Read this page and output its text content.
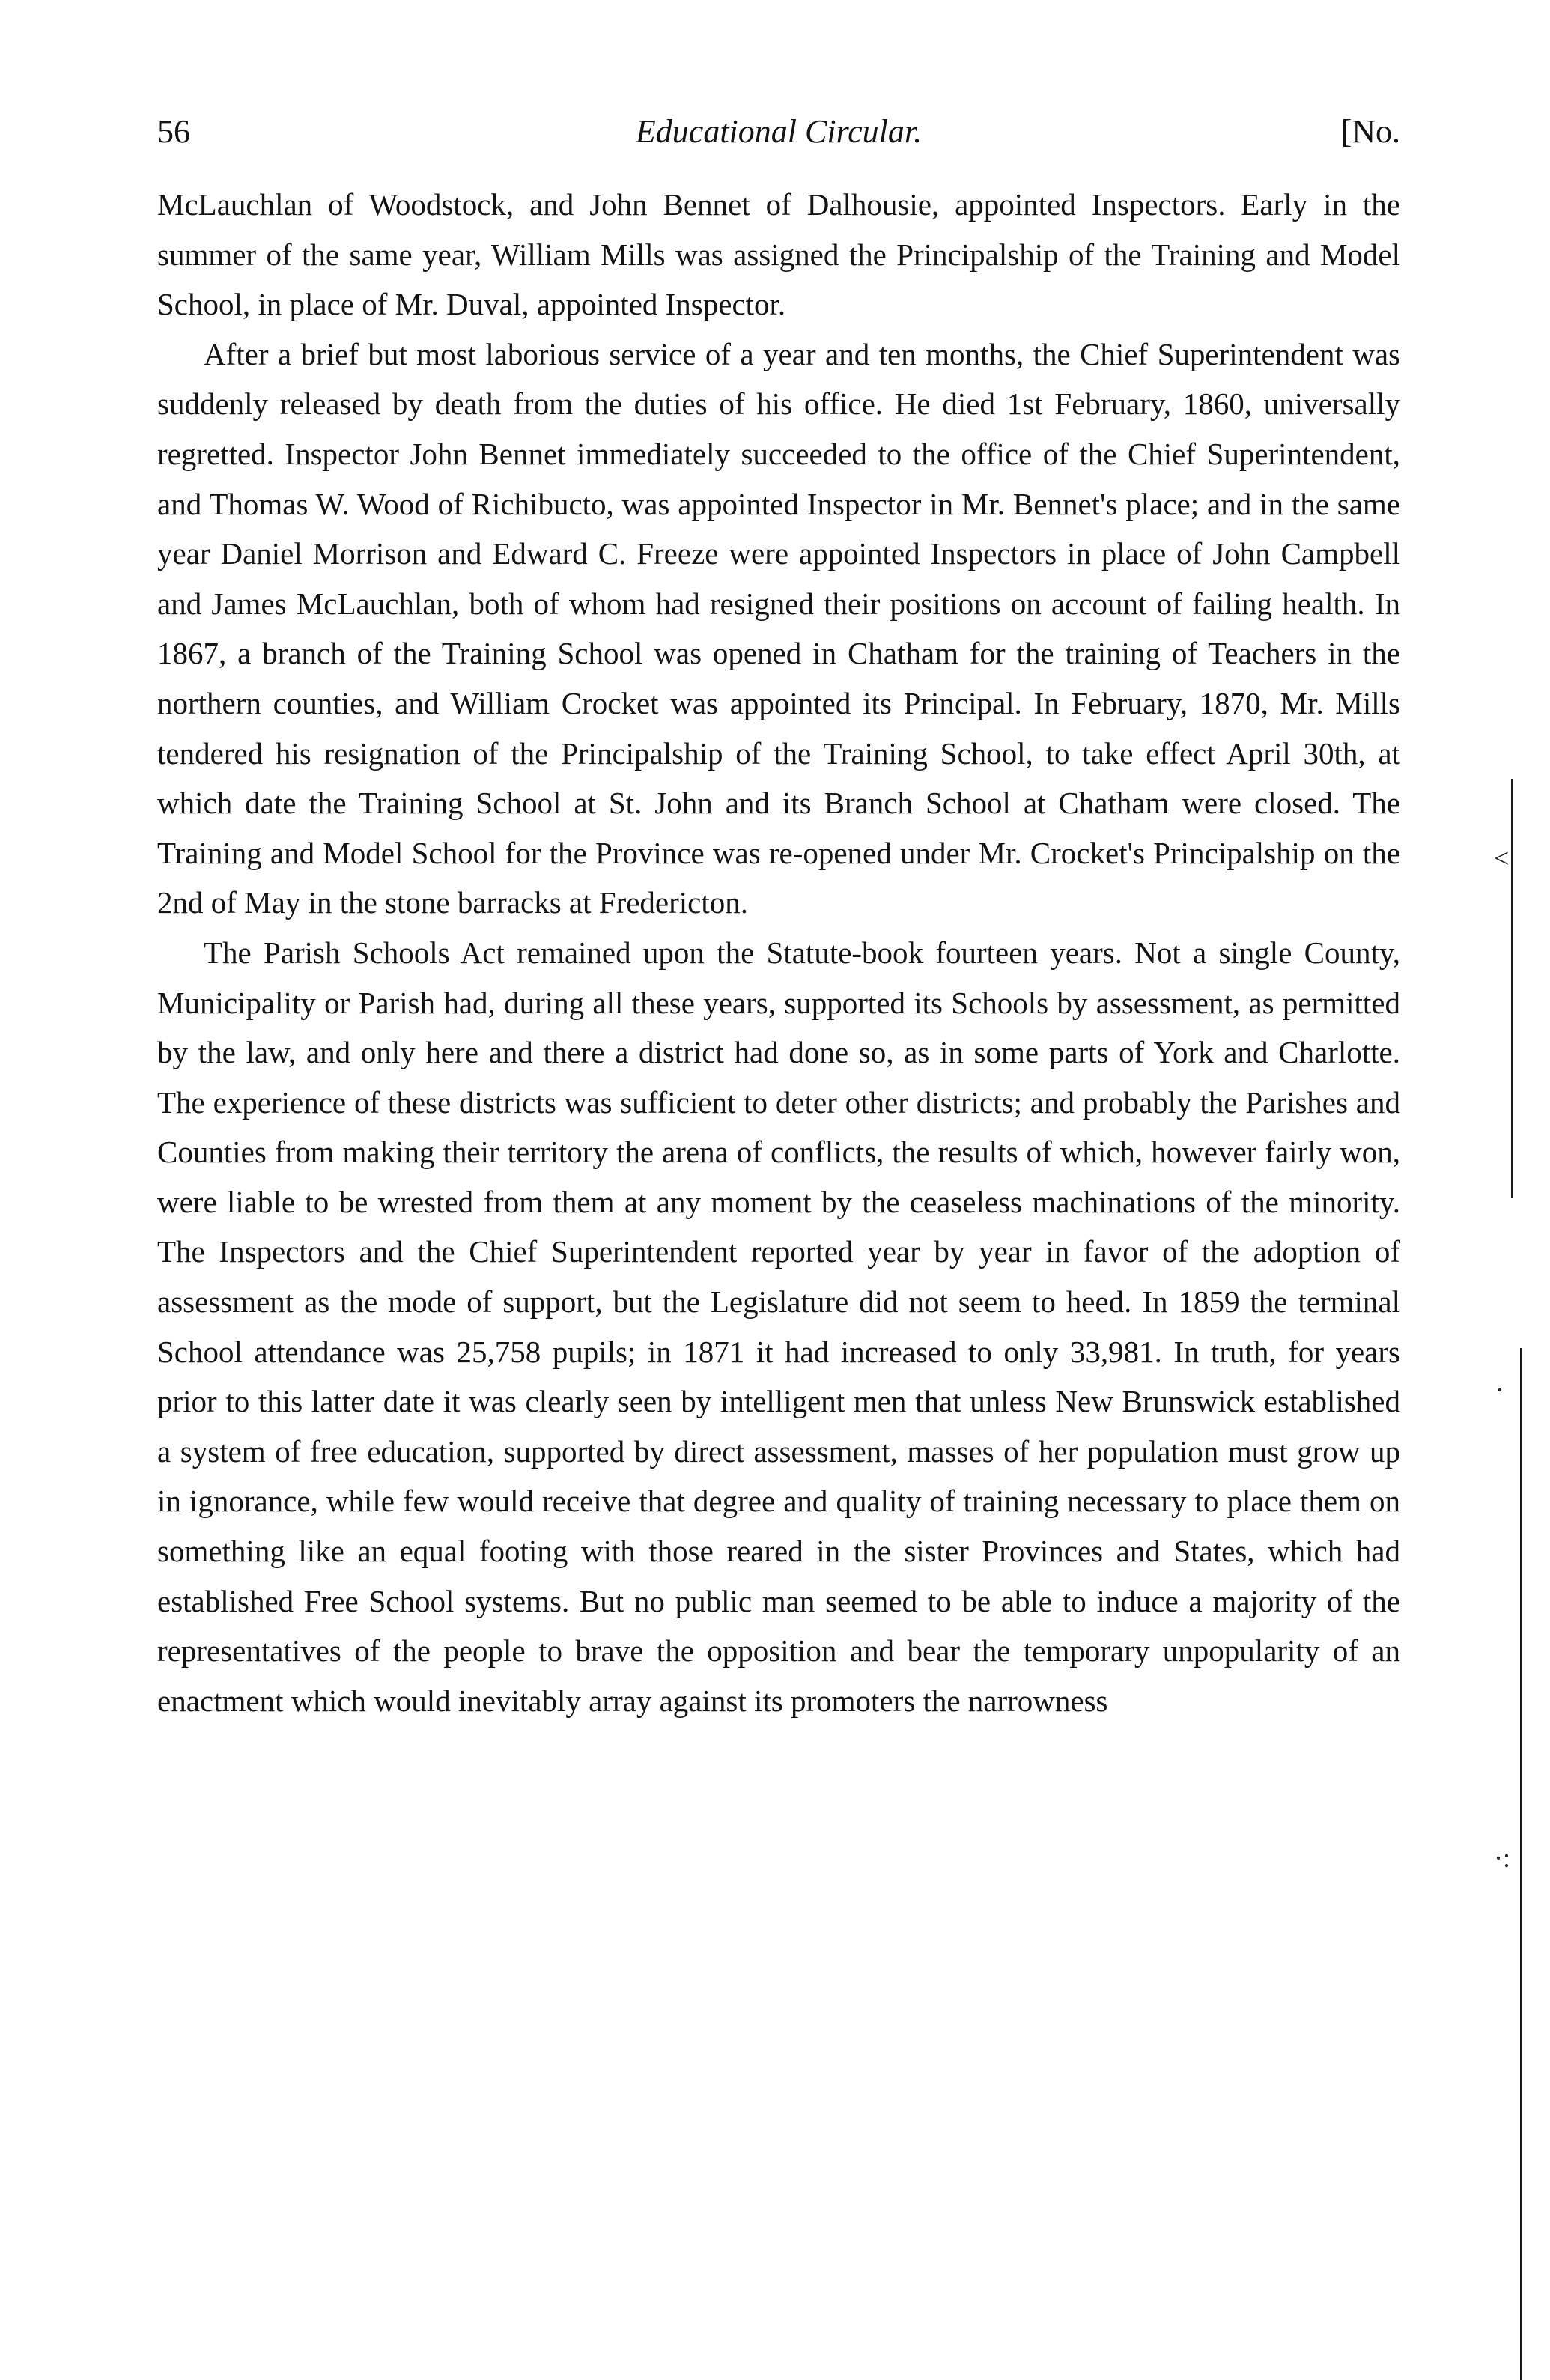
56	Educational Circular.	[No.

McLauchlan of Woodstock, and John Bennet of Dalhousie, appointed Inspectors. Early in the summer of the same year, William Mills was assigned the Principalship of the Training and Model School, in place of Mr. Duval, appointed Inspector.

After a brief but most laborious service of a year and ten months, the Chief Superintendent was suddenly released by death from the duties of his office. He died 1st February, 1860, universally regretted. Inspector John Bennet immediately succeeded to the office of the Chief Superintendent, and Thomas W. Wood of Richibucto, was appointed Inspector in Mr. Bennet's place; and in the same year Daniel Morrison and Edward C. Freeze were appointed Inspectors in place of John Campbell and James McLauchlan, both of whom had resigned their positions on account of failing health. In 1867, a branch of the Training School was opened in Chatham for the training of Teachers in the northern counties, and William Crocket was appointed its Principal. In February, 1870, Mr. Mills tendered his resignation of the Principalship of the Training School, to take effect April 30th, at which date the Training School at St. John and its Branch School at Chatham were closed. The Training and Model School for the Province was re-opened under Mr. Crocket's Principalship on the 2nd of May in the stone barracks at Fredericton.

The Parish Schools Act remained upon the Statute-book fourteen years. Not a single County, Municipality or Parish had, during all these years, supported its Schools by assessment, as permitted by the law, and only here and there a district had done so, as in some parts of York and Charlotte. The experience of these districts was sufficient to deter other districts; and probably the Parishes and Counties from making their territory the arena of conflicts, the results of which, however fairly won, were liable to be wrested from them at any moment by the ceaseless machinations of the minority. The Inspectors and the Chief Superintendent reported year by year in favor of the adoption of assessment as the mode of support, but the Legislature did not seem to heed. In 1859 the terminal School attendance was 25,758 pupils; in 1871 it had increased to only 33,981. In truth, for years prior to this latter date it was clearly seen by intelligent men that unless New Brunswick established a system of free education, supported by direct assessment, masses of her population must grow up in ignorance, while few would receive that degree and quality of training necessary to place them on something like an equal footing with those reared in the sister Provinces and States, which had established Free School systems. But no public man seemed to be able to induce a majority of the representatives of the people to brave the opposition and bear the temporary unpopularity of an enactment which would inevitably array against its promoters the narrowness

<
·
·:
